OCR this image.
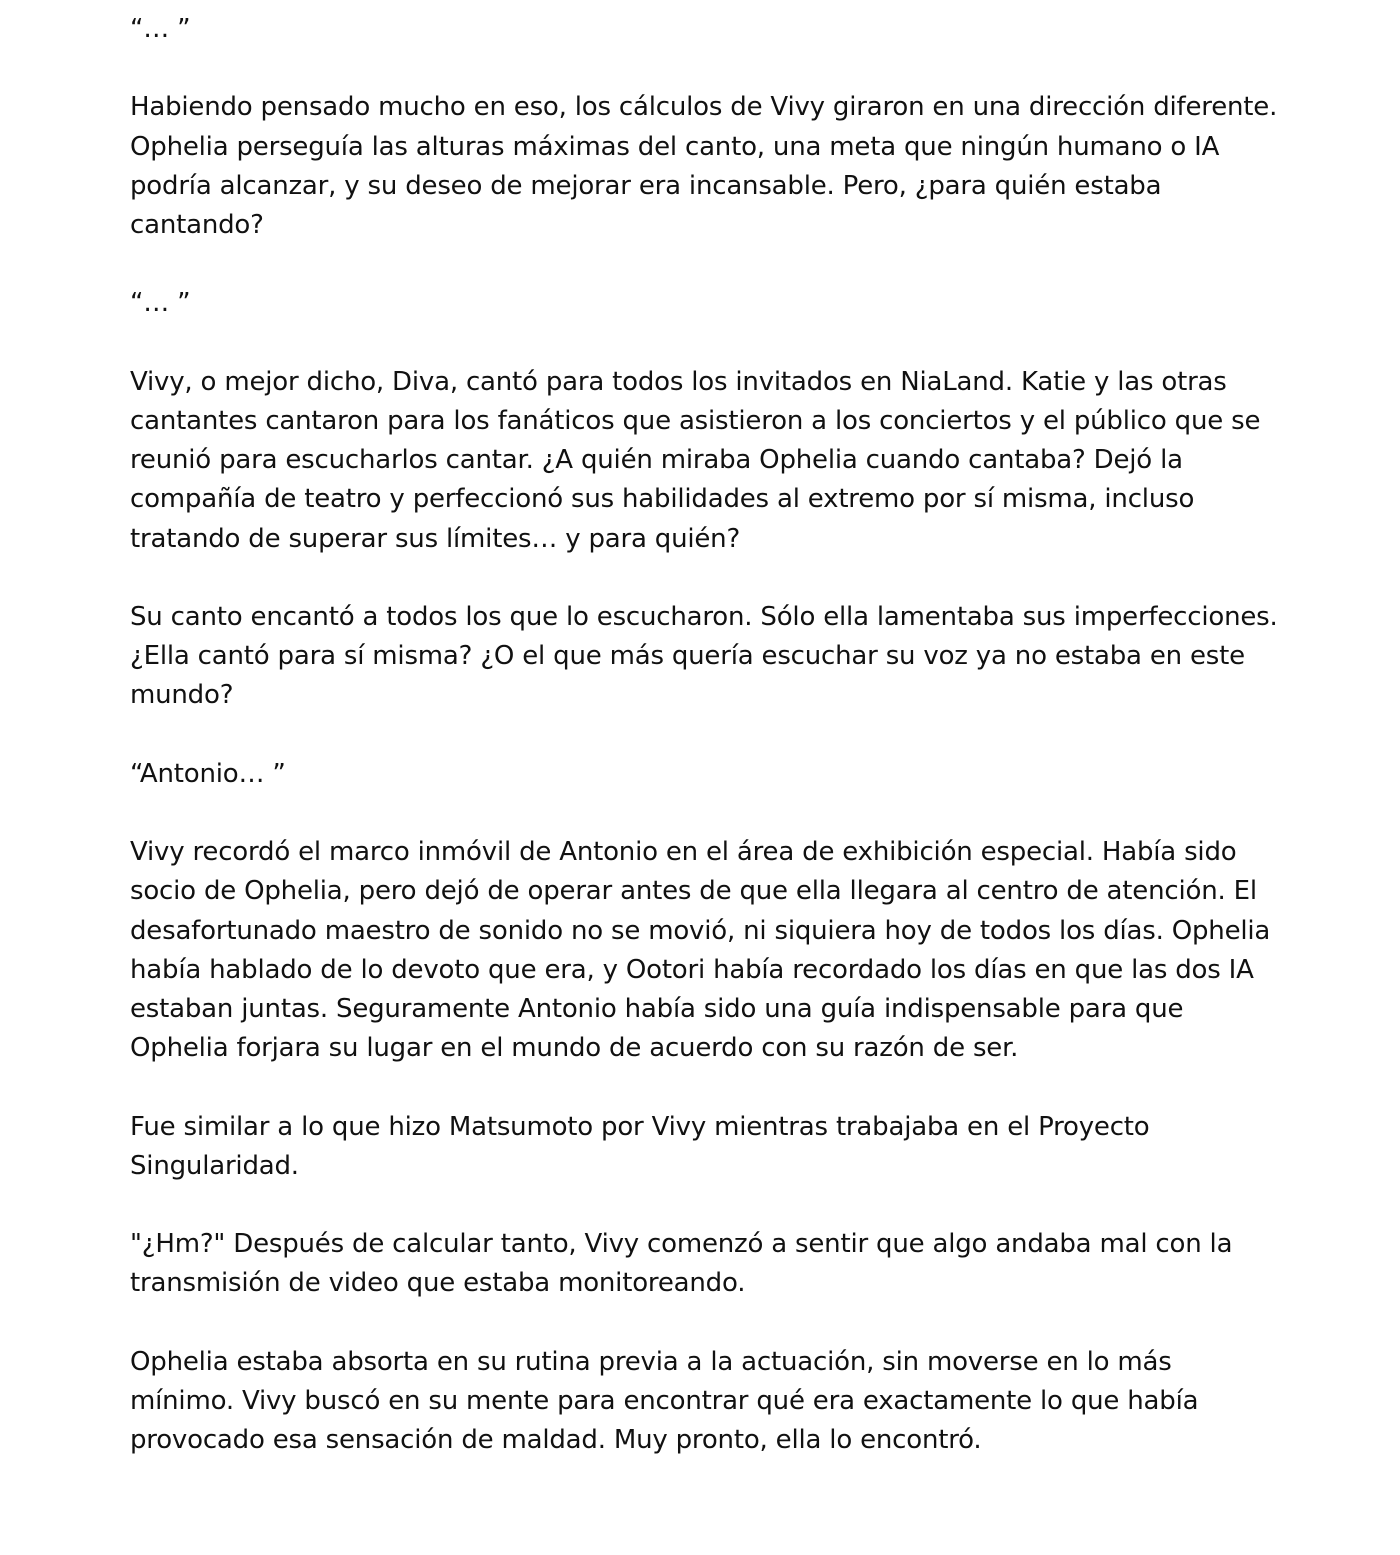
“… ”

Habiendo pensado mucho en eso, los cálculos de Vivy giraron en una dirección diferente. Ophelia perseguía las alturas máximas del canto, una meta que ningún humano o IA podría alcanzar, y su deseo de mejorar era incansable. Pero, ¿para quién estaba cantando?

“… ”

Vivy, o mejor dicho, Diva, cantó para todos los invitados en NiaLand. Katie y las otras cantantes cantaron para los fanáticos que asistieron a los conciertos y el público que se reunió para escucharlos cantar. ¿A quién miraba Ophelia cuando cantaba? Dejó la compañía de teatro y perfeccionó sus habilidades al extremo por sí misma, incluso tratando de superar sus límites… y para quién?

Su canto encantó a todos los que lo escucharon. Sólo ella lamentaba sus imperfecciones. ¿Ella cantó para sí misma? ¿O el que más quería escuchar su voz ya no estaba en este mundo?

“Antonio… ”

Vivy recordó el marco inmóvil de Antonio en el área de exhibición especial. Había sido socio de Ophelia, pero dejó de operar antes de que ella llegara al centro de atención. El desafortunado maestro de sonido no se movió, ni siquiera hoy de todos los días. Ophelia había hablado de lo devoto que era, y Ootori había recordado los días en que las dos IA estaban juntas. Seguramente Antonio había sido una guía indispensable para que Ophelia forjara su lugar en el mundo de acuerdo con su razón de ser.

Fue similar a lo que hizo Matsumoto por Vivy mientras trabajaba en el Proyecto Singularidad.

"¿Hm?" Después de calcular tanto, Vivy comenzó a sentir que algo andaba mal con la transmisión de video que estaba monitoreando.

Ophelia estaba absorta en su rutina previa a la actuación, sin moverse en lo más mínimo. Vivy buscó en su mente para encontrar qué era exactamente lo que había provocado esa sensación de maldad. Muy pronto, ella lo encontró.
